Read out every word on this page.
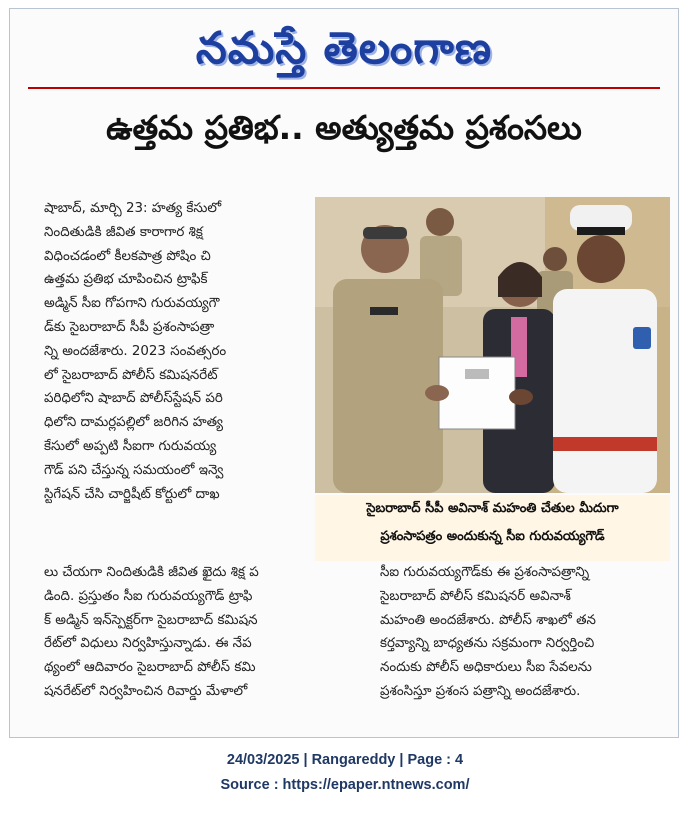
నమస్తే తెలంగాణ
ఉత్తమ ప్రతిభ.. అత్యుత్తమ ప్రశంసలు
షాబాద్, మార్చి 23: హత్య కేసులో
నిందితుడికి జీవిత కారాగార శిక్ష
విధించడంలో కీలకపాత్ర పోషిం చి
ఉత్తమ ప్రతిభ చూపించిన ట్రాఫిక్
అడ్మిన్ సీఐ గోపగాని గురువయ్యగౌ
డ్‌కు సైబరాబాద్ సీపీ ప్రశంసాపత్రా
న్ని అందజేశారు. 2023 సంవత్సరం
లో సైబరాబాద్ పోలీస్ కమిషనరేట్
పరిధిలోని షాబాద్ పోలీస్‌స్టేషన్ పరి
ధిలోని దామర్లపల్లిలో జరిగిన హత్య
కేసులో అప్పటి సీఐగా గురువయ్య
గౌడ్ పని చేస్తున్న సమయంలో ఇన్వె
స్టిగేషన్ చేసి చార్జిషీట్ కోర్టులో దాఖ
సైబరాబాద్ సీపీ అవినాశ్ మహంతి చేతుల మీదుగా
ప్రశంసాపత్రం అందుకున్న సీఐ గురువయ్యగౌడ్
లు చేయగా నిందితుడికి జీవిత ఖైదు శిక్ష ప
డింది. ప్రస్తుతం సీఐ గురువయ్యగౌడ్ ట్రాఫి
క్ అడ్మిన్ ఇన్‌స్పెక్టర్‌గా సైబరాబాద్ కమిషన
రేట్‌లో విధులు నిర్వహిస్తున్నాడు. ఈ నేప
థ్యంలో ఆదివారం సైబరాబాద్ పోలీస్ కమి
షనరేట్‌లో నిర్వహించిన రివార్డు మేళాలో
సీఐ గురువయ్యగౌడ్‌కు ఈ ప్రశంసాపత్రాన్ని
సైబరాబాద్ పోలీస్ కమిషనర్ అవినాశ్
మహంతి అందజేశారు. పోలీస్ శాఖలో తన
కర్తవ్యాన్ని బాధ్యతను సక్రమంగా నిర్వర్తించి
నందుకు పోలీస్ అధికారులు సీఐ సేవలను
ప్రశంసిస్తూ ప్రశంస పత్రాన్ని అందజేశారు.
24/03/2025 | Rangareddy | Page : 4
Source : https://epaper.ntnews.com/
